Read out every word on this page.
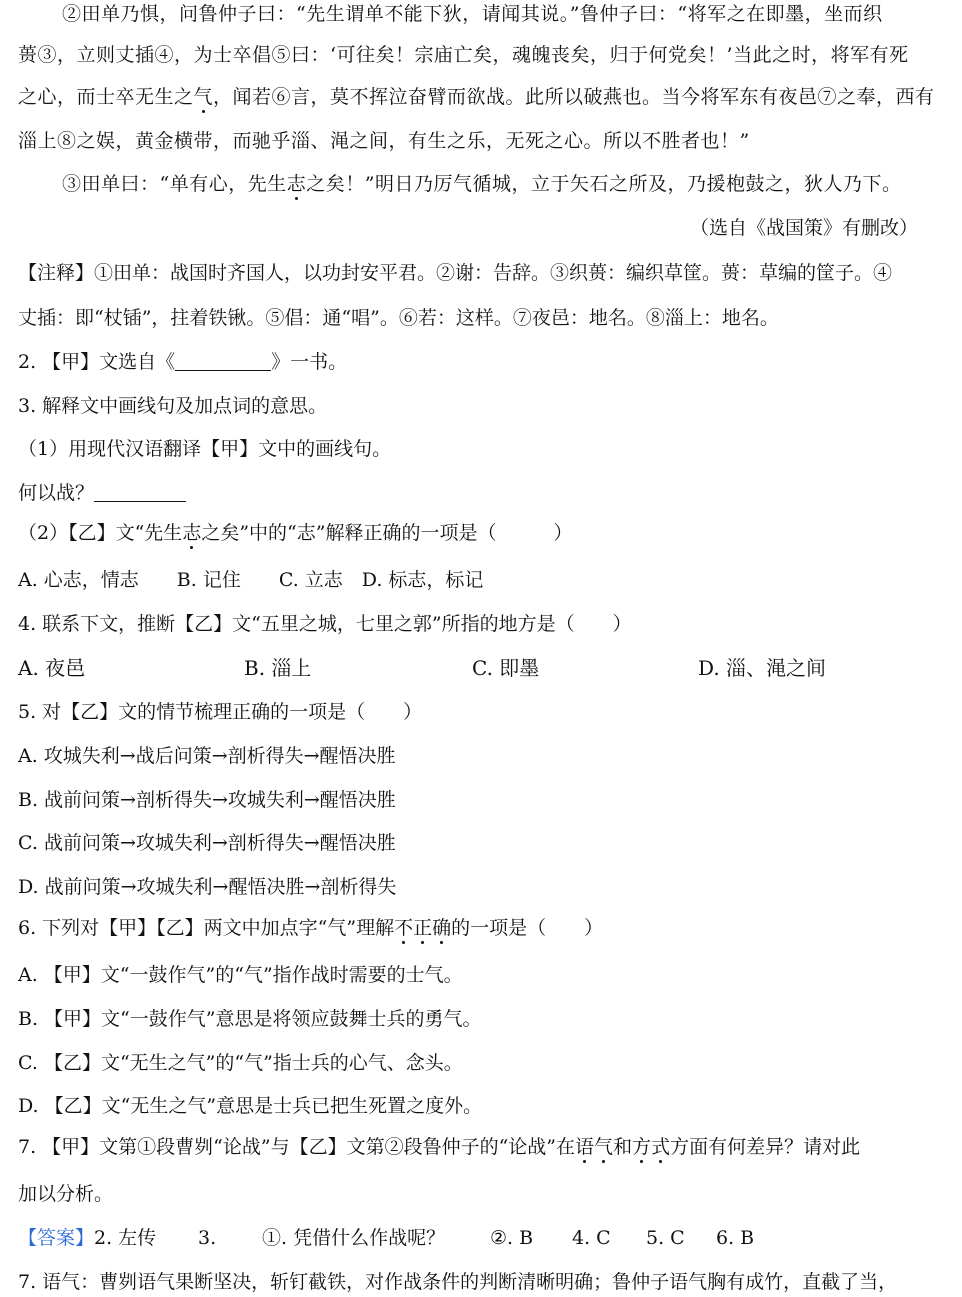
②田单乃惧，问鲁仲子曰：“先生谓单不能下狄，请闻其说。”鲁仲子曰：“将军之在即墨，坐而织
蒉③，立则丈插④，为士卒倡⑤曰：‘可往矣！宗庙亡矣，魂魄丧矣，归于何党矣！’当此之时，将军有死
之心，而士卒无生之气，闻若⑥言，莫不挥泣奋臂而欲战。此所以破燕也。当今将军东有夜邑⑦之奉，西有
淄上⑧之娱，黄金横带，而驰乎淄、渑之间，有生之乐，无死之心。所以不胜者也！”
③田单曰：“单有心，先生志之矣！”明日乃厉气循城，立于矢石之所及，乃援枹鼓之，狄人乃下。
（选自《战国策》有删改）
【注释】①田单：战国时齐国人，以功封安平君。②谢：告辞。③织蒉：编织草筐。蒉：草编的筐子。④
丈插：即“杖锸”，拄着铁锹。⑤倡：通“唱”。⑥若：这样。⑦夜邑：地名。⑧淄上：地名。
2. 【甲】文选自《	》一书。
3. 解释文中画线句及加点词的意思。
（1）用现代汉语翻译【甲】文中的画线句。
何以战？
（2）【乙】文“先生志之矣”中的“志”解释正确的一项是（　　　）
A. 心志，情志　　B. 记住　　C. 立志　D. 标志，标记
4. 联系下文，推断【乙】文“五里之城，七里之郭”所指的地方是（　　）
A. 夜邑	B. 淄上	C. 即墨	D. 淄、渑之间
5. 对【乙】文的情节梳理正确的一项是（　　）
A. 攻城失利→战后问策→剖析得失→醒悟决胜
B. 战前问策→剖析得失→攻城失利→醒悟决胜
C. 战前问策→攻城失利→剖析得失→醒悟决胜
D. 战前问策→攻城失利→醒悟决胜→剖析得失
6. 下列对【甲】【乙】两文中加点字“气”理解不正确的一项是（　　）
A. 【甲】文“一鼓作气”的“气”指作战时需要的士气。
B. 【甲】文“一鼓作气”意思是将领应鼓舞士兵的勇气。
C. 【乙】文“无生之气”的“气”指士兵的心气、念头。
D. 【乙】文“无生之气”意思是士兵已把生死置之度外。
7. 【甲】文第①段曹刿“论战”与【乙】文第②段鲁仲子的“论战”在语气和方式方面有何差异？请对此
加以分析。
【答案】2. 左传 3. ①. 凭借什么作战呢？ ②. B 4. C 5. C 6. B
7. 语气：曹刿语气果断坚决，斩钉截铁，对作战条件的判断清晰明确；鲁仲子语气胸有成竹，直截了当，
